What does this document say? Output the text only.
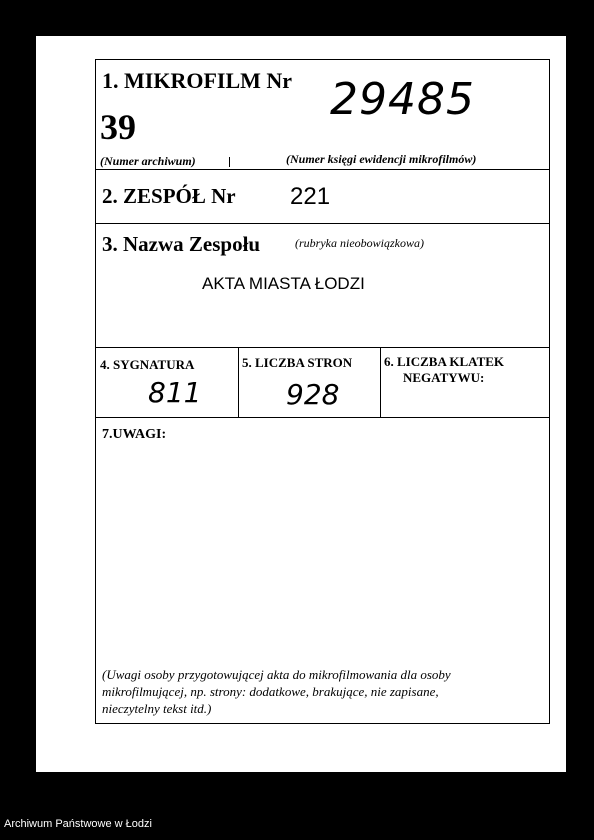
1. MIKROFILM Nr
39
29485
(Numer archiwum)	(Numer księgi ewidencji mikrofilmów)
2. ZESPÓŁ Nr 221
3. Nazwa Zespołu	(rubryka nieobowiązkowa)
AKTA MIASTA ŁODZI
4. SYGNATURA
811
5. LICZBA STRON
928
6. LICZBA KLATEK
NEGATYWU:
7.UWAGI:
(Uwagi osoby przygotowującej akta do mikrofilmowania dla osoby
mikrofilmującej, np. strony: dodatkowe, brakujące, nie zapisane,
nieczytelny tekst itd.)
Archiwum Państwowe w Łodzi
